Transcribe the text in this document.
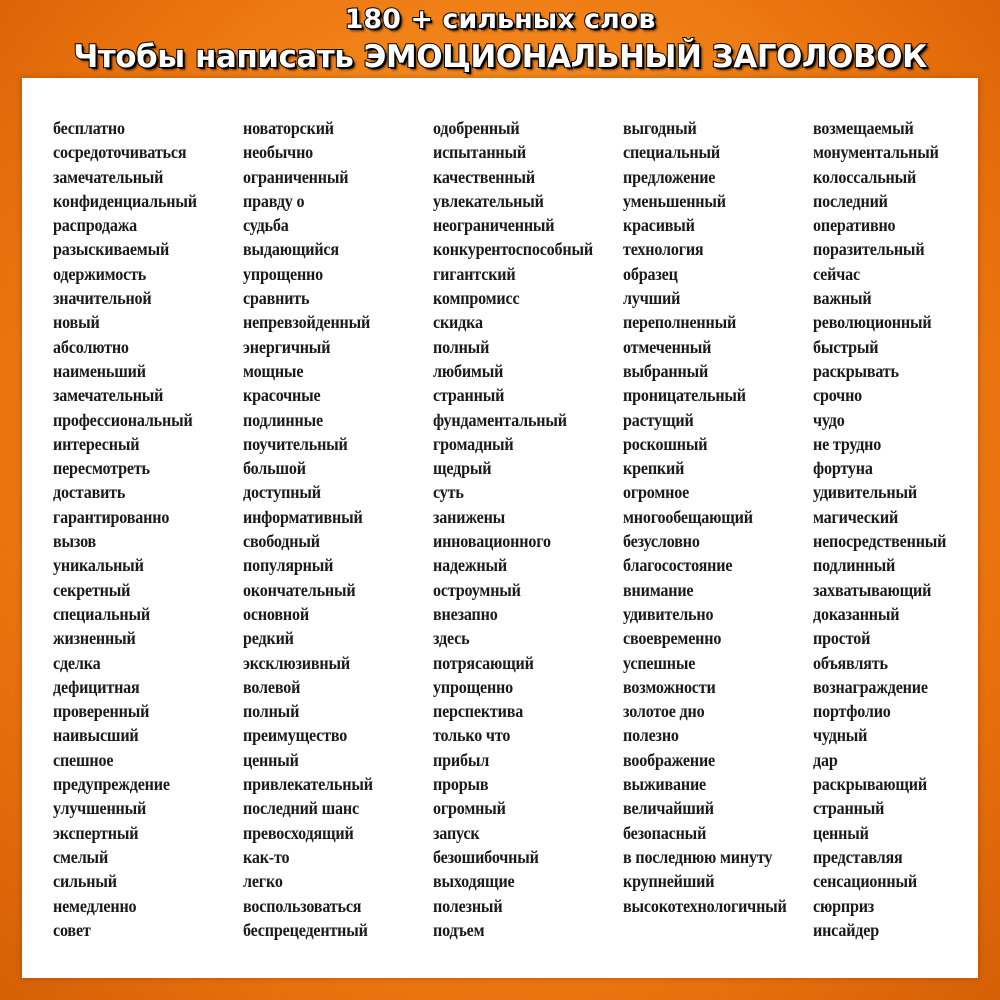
180 + сильных слов
Чтобы написать ЭМОЦИОНАЛЬНЫЙ ЗАГОЛОВОК
бесплатно
сосредоточиваться
замечательный
конфиденциальный
распродажа
разыскиваемый
одержимость
значительной
новый
абсолютно
наименьший
замечательный
профессиональный
интересный
пересмотреть
доставить
гарантированно
вызов
уникальный
секретный
специальный
жизненный
сделка
дефицитная
проверенный
наивысший
спешное
предупреждение
улучшенный
экспертный
смелый
сильный
немедленно
совет
новаторский
необычно
ограниченный
правду о
судьба
выдающийся
упрощенно
сравнить
непревзойденный
энергичный
мощные
красочные
подлинные
поучительный
большой
доступный
информативный
свободный
популярный
окончательный
основной
редкий
эксклюзивный
волевой
полный
преимущество
ценный
привлекательный
последний шанс
превосходящий
как-то
легко
воспользоваться
беспрецедентный
одобренный
испытанный
качественный
увлекательный
неограниченный
конкурентоспособный
гигантский
компромисс
скидка
полный
любимый
странный
фундаментальный
громадный
щедрый
суть
занижены
инновационного
надежный
остроумный
внезапно
здесь
потрясающий
упрощенно
перспектива
только что
прибыл
прорыв
огромный
запуск
безошибочный
выходящие
полезный
подъем
выгодный
специальный
предложение
уменьшенный
красивый
технология
образец
лучший
переполненный
отмеченный
выбранный
проницательный
растущий
роскошный
крепкий
огромное
многообещающий
безусловно
благосостояние
внимание
удивительно
своевременно
успешные
возможности
золотое дно
полезно
воображение
выживание
величайший
безопасный
в последнюю минуту
крупнейший
высокотехнологичный
возмещаемый
монументальный
колоссальный
последний
оперативно
поразительный
сейчас
важный
революционный
быстрый
раскрывать
срочно
чудо
не трудно
фортуна
удивительный
магический
непосредственный
подлинный
захватывающий
доказанный
простой
объявлять
вознаграждение
портфолио
чудный
дар
раскрывающий
странный
ценный
представляя
сенсационный
сюрприз
инсайдер
